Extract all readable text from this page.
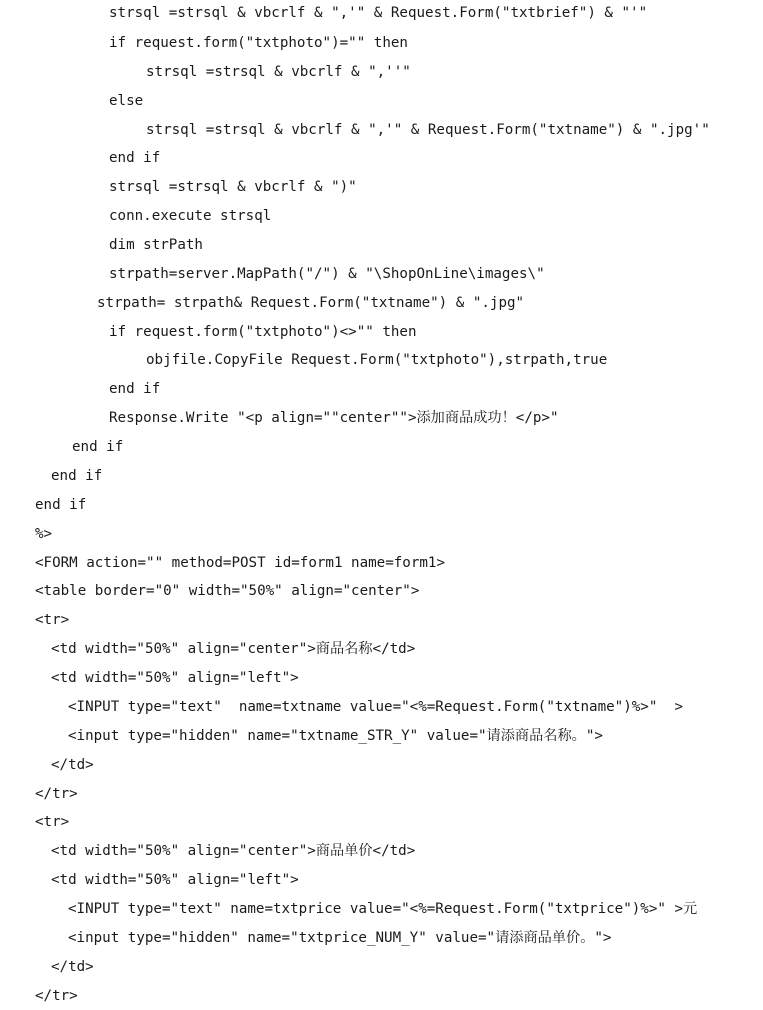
strsql =strsql & vbcrlf & ",'" & Request.Form("txtbrief") & "'"
if request.form("txtphoto")="" then
strsql =strsql & vbcrlf & ",''"
else
strsql =strsql & vbcrlf & ",'" & Request.Form("txtname") & ".jpg'"
end if
strsql =strsql & vbcrlf & ")"
conn.execute strsql
dim strPath
strpath=server.MapPath("/") & "\ShopOnLine\images\"
strpath= strpath& Request.Form("txtname") & ".jpg"
if request.form("txtphoto")<>"" then
objfile.CopyFile Request.Form("txtphoto"),strpath,true
end if
Response.Write "<p align=""center"">添加商品成功！</p>"
end if
end if
end if
%>
<FORM action="" method=POST id=form1 name=form1>
<table border="0" width="50%" align="center">
<tr>
<td width="50%" align="center">商品名称</td>
<td width="50%" align="left">
<INPUT type="text"  name=txtname value="<%=Request.Form("txtname")%>"  >
<input type="hidden" name="txtname_STR_Y" value="请添商品名称。">
</td>
</tr>
<tr>
<td width="50%" align="center">商品单价</td>
<td width="50%" align="left">
<INPUT type="text" name=txtprice value="<%=Request.Form("txtprice")%>" >元
<input type="hidden" name="txtprice_NUM_Y" value="请添商品单价。">
</td>
</tr>
